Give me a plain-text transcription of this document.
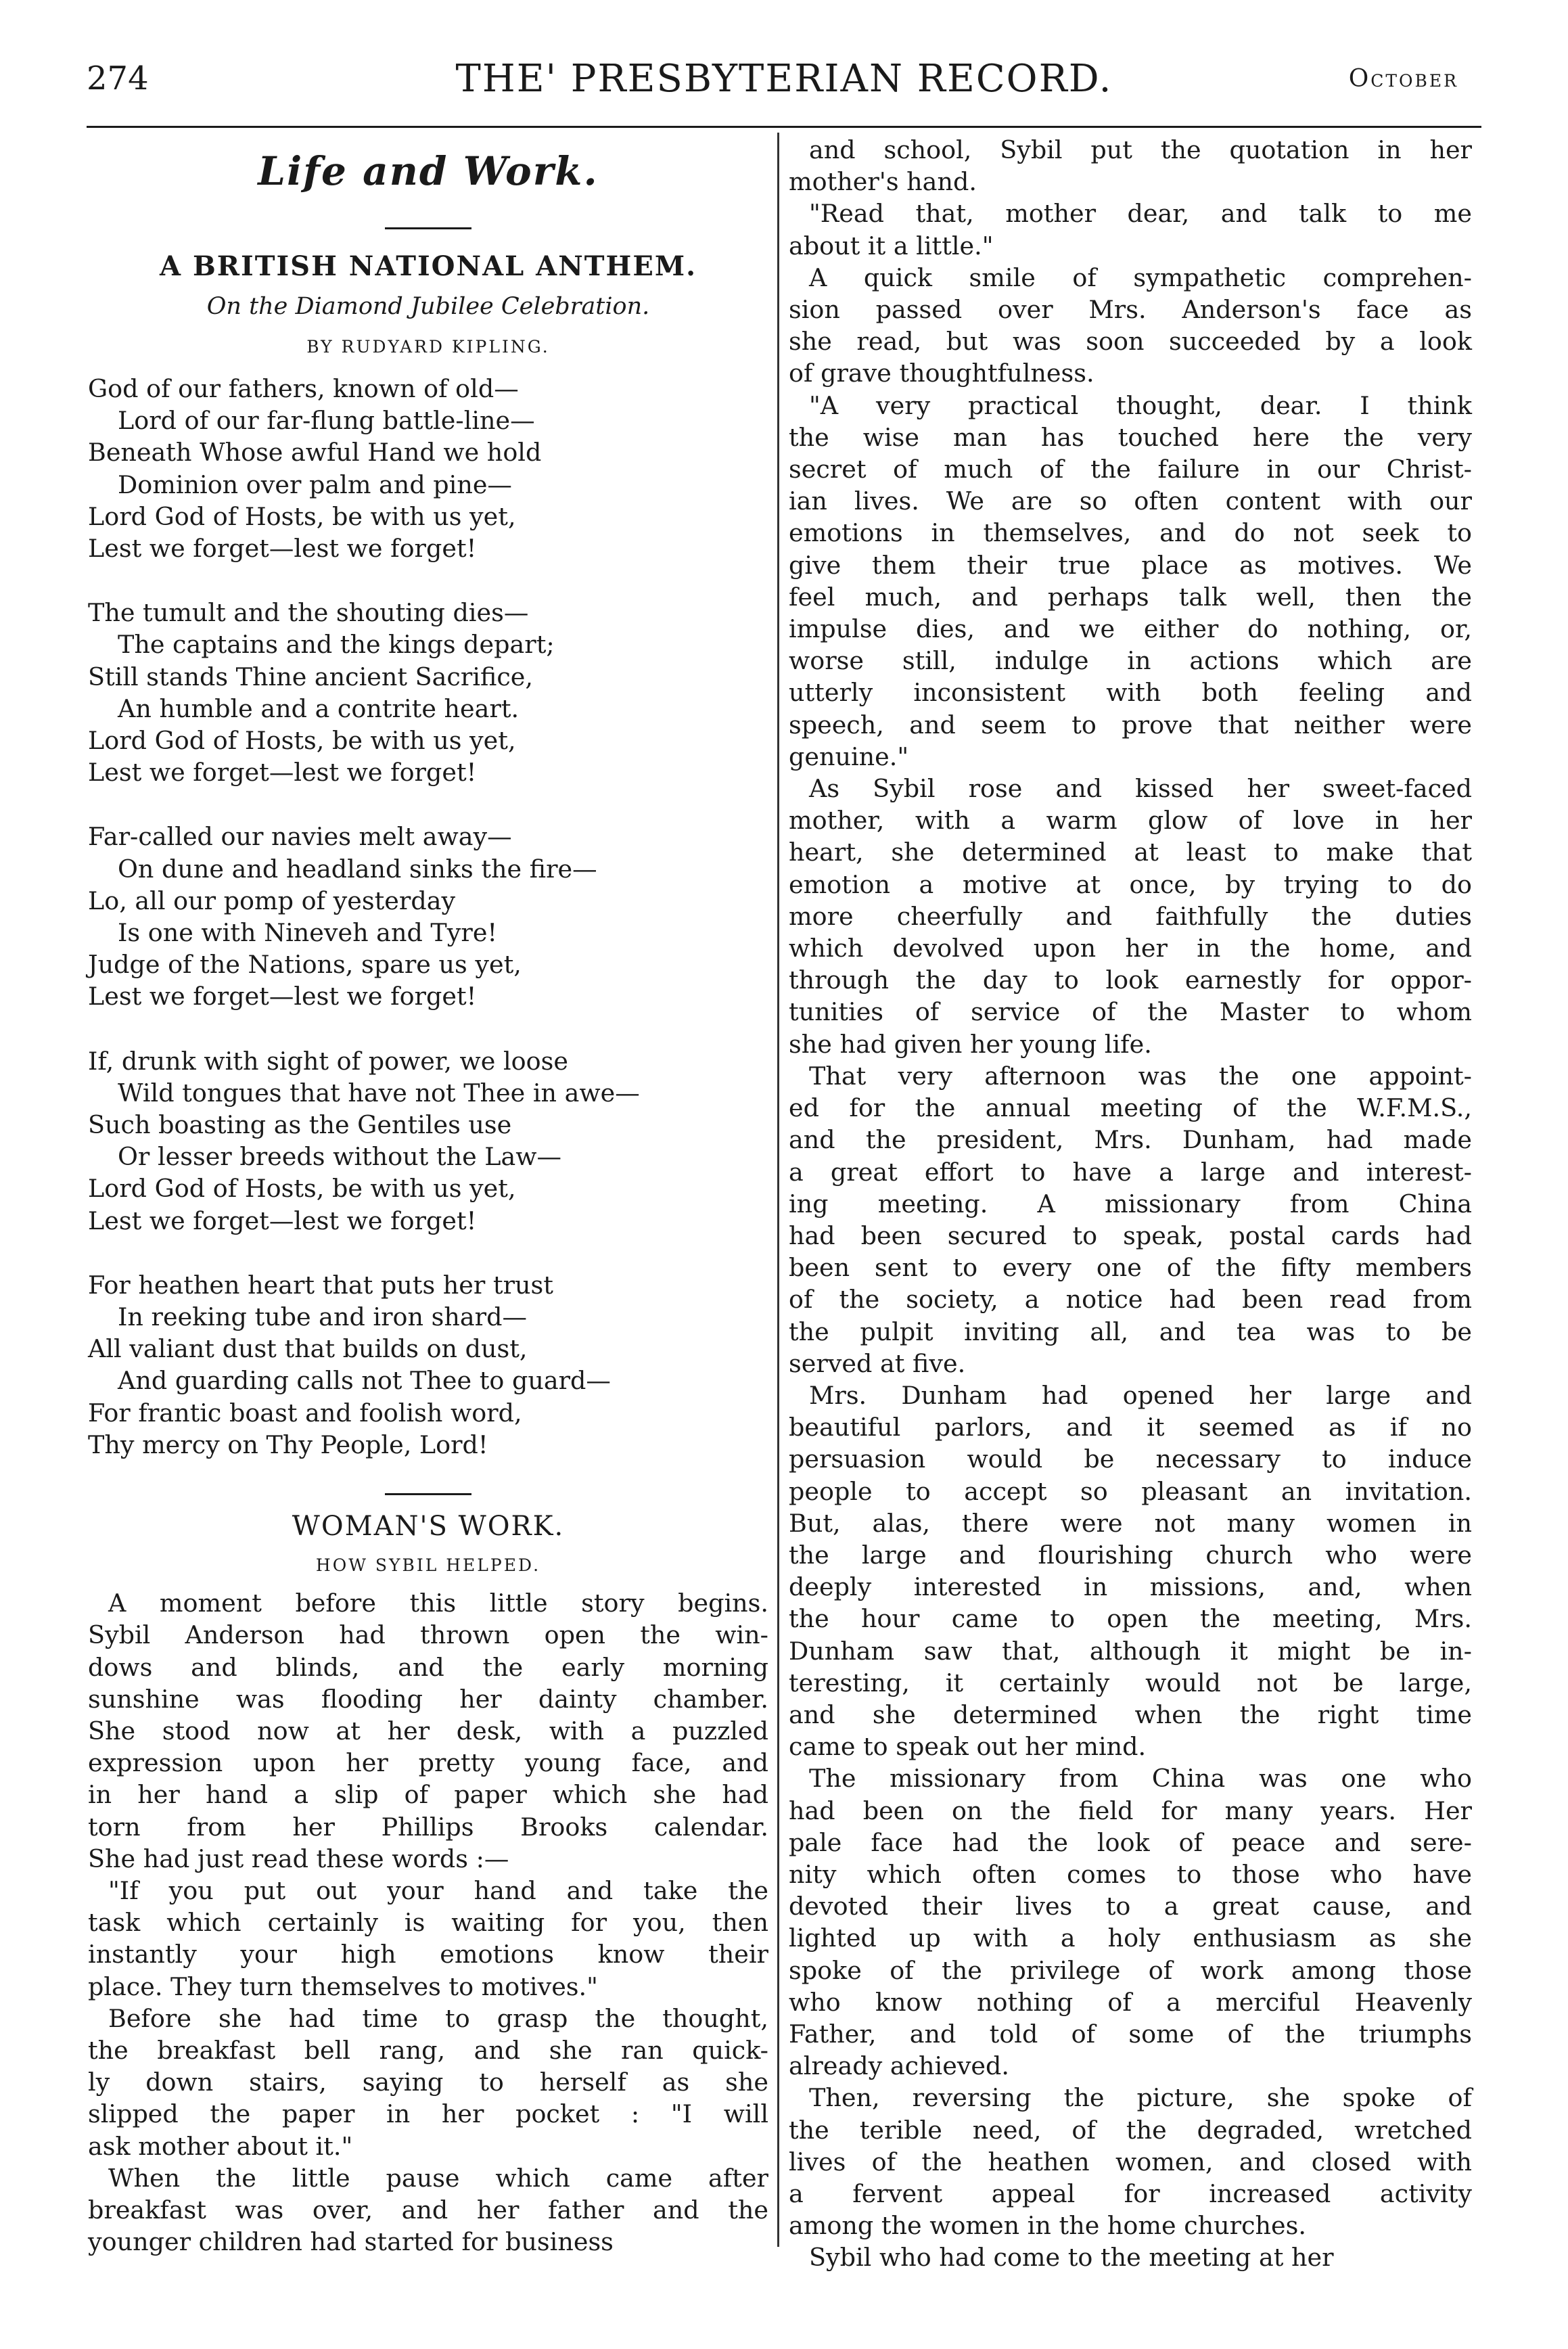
274	THE' PRESBYTERIAN RECORD.	October
Life and Work.
A BRITISH NATIONAL ANTHEM.
On the Diamond Jubilee Celebration.
BY RUDYARD KIPLING.
God of our fathers, known of old—
Lord of our far-flung battle-line—
Beneath Whose awful Hand we hold
Dominion over palm and pine—
Lord God of Hosts, be with us yet,
Lest we forget—lest we forget!
The tumult and the shouting dies—
The captains and the kings depart;
Still stands Thine ancient Sacrifice,
An humble and a contrite heart.
Lord God of Hosts, be with us yet,
Lest we forget—lest we forget!
Far-called our navies melt away—
On dune and headland sinks the fire—
Lo, all our pomp of yesterday
Is one with Nineveh and Tyre!
Judge of the Nations, spare us yet,
Lest we forget—lest we forget!
If, drunk with sight of power, we loose
Wild tongues that have not Thee in awe—
Such boasting as the Gentiles use
Or lesser breeds without the Law—
Lord God of Hosts, be with us yet,
Lest we forget—lest we forget!
For heathen heart that puts her trust
In reeking tube and iron shard—
All valiant dust that builds on dust,
And guarding calls not Thee to guard—
For frantic boast and foolish word,
Thy mercy on Thy People, Lord!
WOMAN'S WORK.
HOW SYBIL HELPED.

A moment before this little story begins.

Sybil Anderson had thrown open the win-

dows and blinds, and the early morning

sunshine was flooding her dainty chamber.

She stood now at her desk, with a puzzled

expression upon her pretty young face, and

in her hand a slip of paper which she had

torn from her Phillips Brooks calendar.

She had just read these words :—

"If you put out your hand and take the

task which certainly is waiting for you, then

instantly your high emotions know their

place. They turn themselves to motives."

Before she had time to grasp the thought,

the breakfast bell rang, and she ran quick-

ly down stairs, saying to herself as she

slipped the paper in her pocket : "I will

ask mother about it."

When the little pause which came after

breakfast was over, and her father and the

younger children had started for business

and school, Sybil put the quotation in her

mother's hand.

"Read that, mother dear, and talk to me

about it a little."

A quick smile of sympathetic comprehen-

sion passed over Mrs. Anderson's face as

she read, but was soon succeeded by a look

of grave thoughtfulness.

"A very practical thought, dear. I think

the wise man has touched here the very

secret of much of the failure in our Christ-

ian lives. We are so often content with our

emotions in themselves, and do not seek to

give them their true place as motives. We

feel much, and perhaps talk well, then the

impulse dies, and we either do nothing, or,

worse still, indulge in actions which are

utterly inconsistent with both feeling and

speech, and seem to prove that neither were

genuine."

As Sybil rose and kissed her sweet-faced

mother, with a warm glow of love in her

heart, she determined at least to make that

emotion a motive at once, by trying to do

more cheerfully and faithfully the duties

which devolved upon her in the home, and

through the day to look earnestly for oppor-

tunities of service of the Master to whom

she had given her young life.

That very afternoon was the one appoint-

ed for the annual meeting of the W.F.M.S.,

and the president, Mrs. Dunham, had made

a great effort to have a large and interest-

ing meeting. A missionary from China

had been secured to speak, postal cards had

been sent to every one of the fifty members

of the society, a notice had been read from

the pulpit inviting all, and tea was to be

served at five.

Mrs. Dunham had opened her large and

beautiful parlors, and it seemed as if no

persuasion would be necessary to induce

people to accept so pleasant an invitation.

But, alas, there were not many women in

the large and flourishing church who were

deeply interested in missions, and, when

the hour came to open the meeting, Mrs.

Dunham saw that, although it might be in-

teresting, it certainly would not be large,

and she determined when the right time

came to speak out her mind.

The missionary from China was one who

had been on the field for many years. Her

pale face had the look of peace and sere-

nity which often comes to those who have

devoted their lives to a great cause, and

lighted up with a holy enthusiasm as she

spoke of the privilege of work among those

who know nothing of a merciful Heavenly

Father, and told of some of the triumphs

already achieved.

Then, reversing the picture, she spoke of

the terible need, of the degraded, wretched

lives of the heathen women, and closed with

a fervent appeal for increased activity

among the women in the home churches.

Sybil who had come to the meeting at her
